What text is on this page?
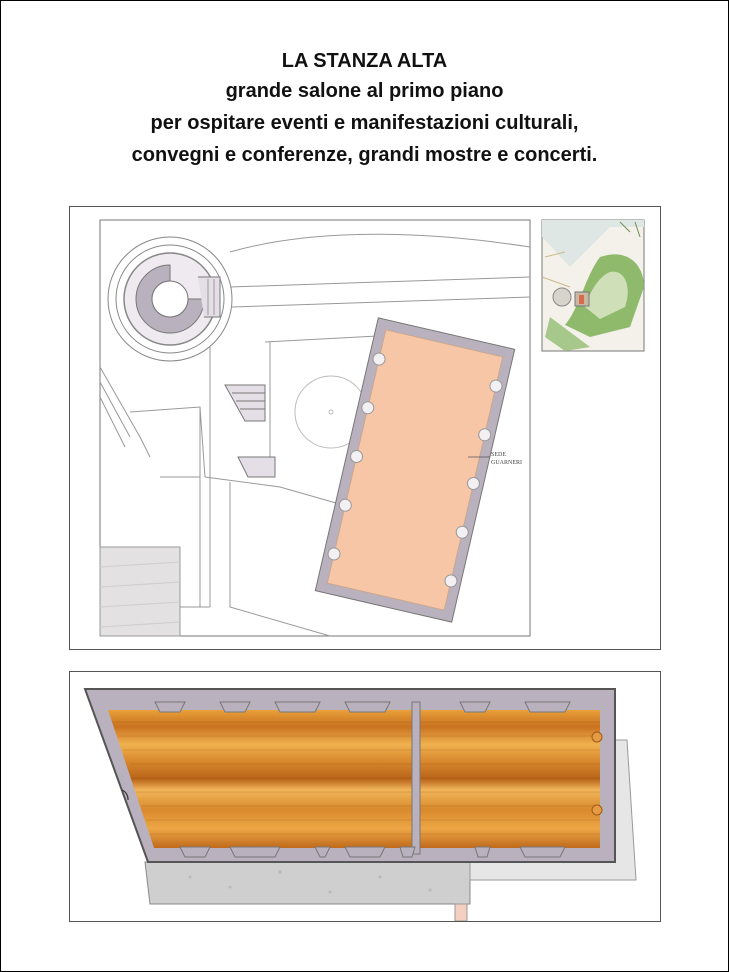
LA STANZA ALTA
grande salone al primo piano
per ospitare eventi e manifestazioni culturali,
convegni e conferenze, grandi mostre e concerti.
SEDE
GUARNERI
